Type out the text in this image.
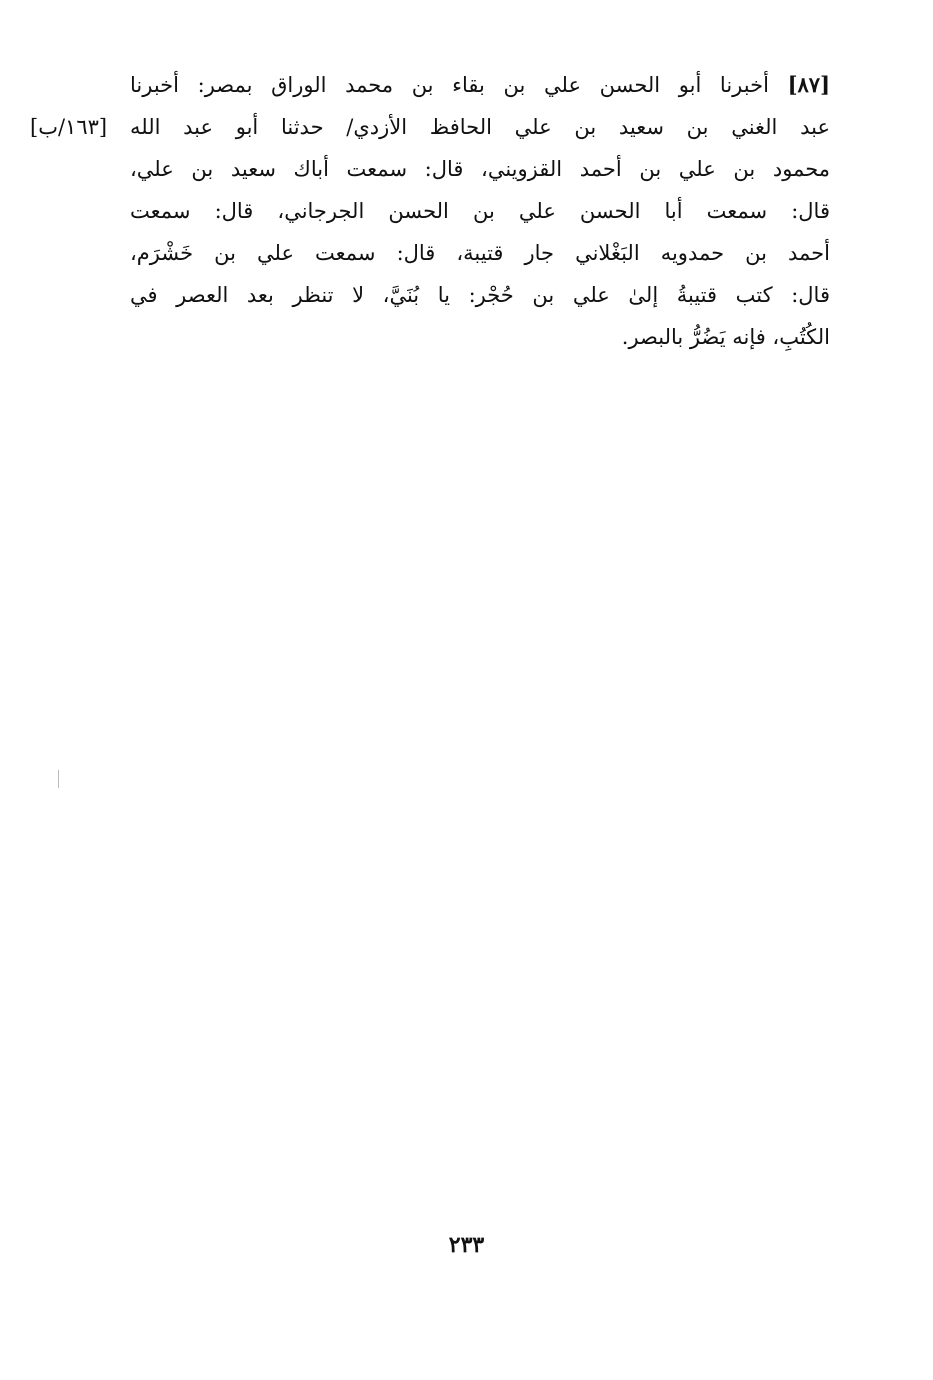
[٨٧] أخبرنا أبو الحسن علي بن بقاء بن محمد الوراق بمصر: أخبرنا
عبد الغني بن سعيد بن علي الحافظ الأزدي/ حدثنا أبو عبد الله
محمود بن علي بن أحمد القزويني، قال: سمعت أباك سعيد بن علي،
قال: سمعت أبا الحسن علي بن الحسن الجرجاني، قال: سمعت
أحمد بن حمدويه البَغْلاني جار قتيبة، قال: سمعت علي بن خَشْرَم،
قال: كتب قتيبةُ إلىٰ علي بن حُجْر: يا بُنَيَّ، لا تنظر بعد العصر في
الكُتُبِ، فإنه يَضُرُّ بالبصر.
[١٦٣/ب]
٢٣٣
